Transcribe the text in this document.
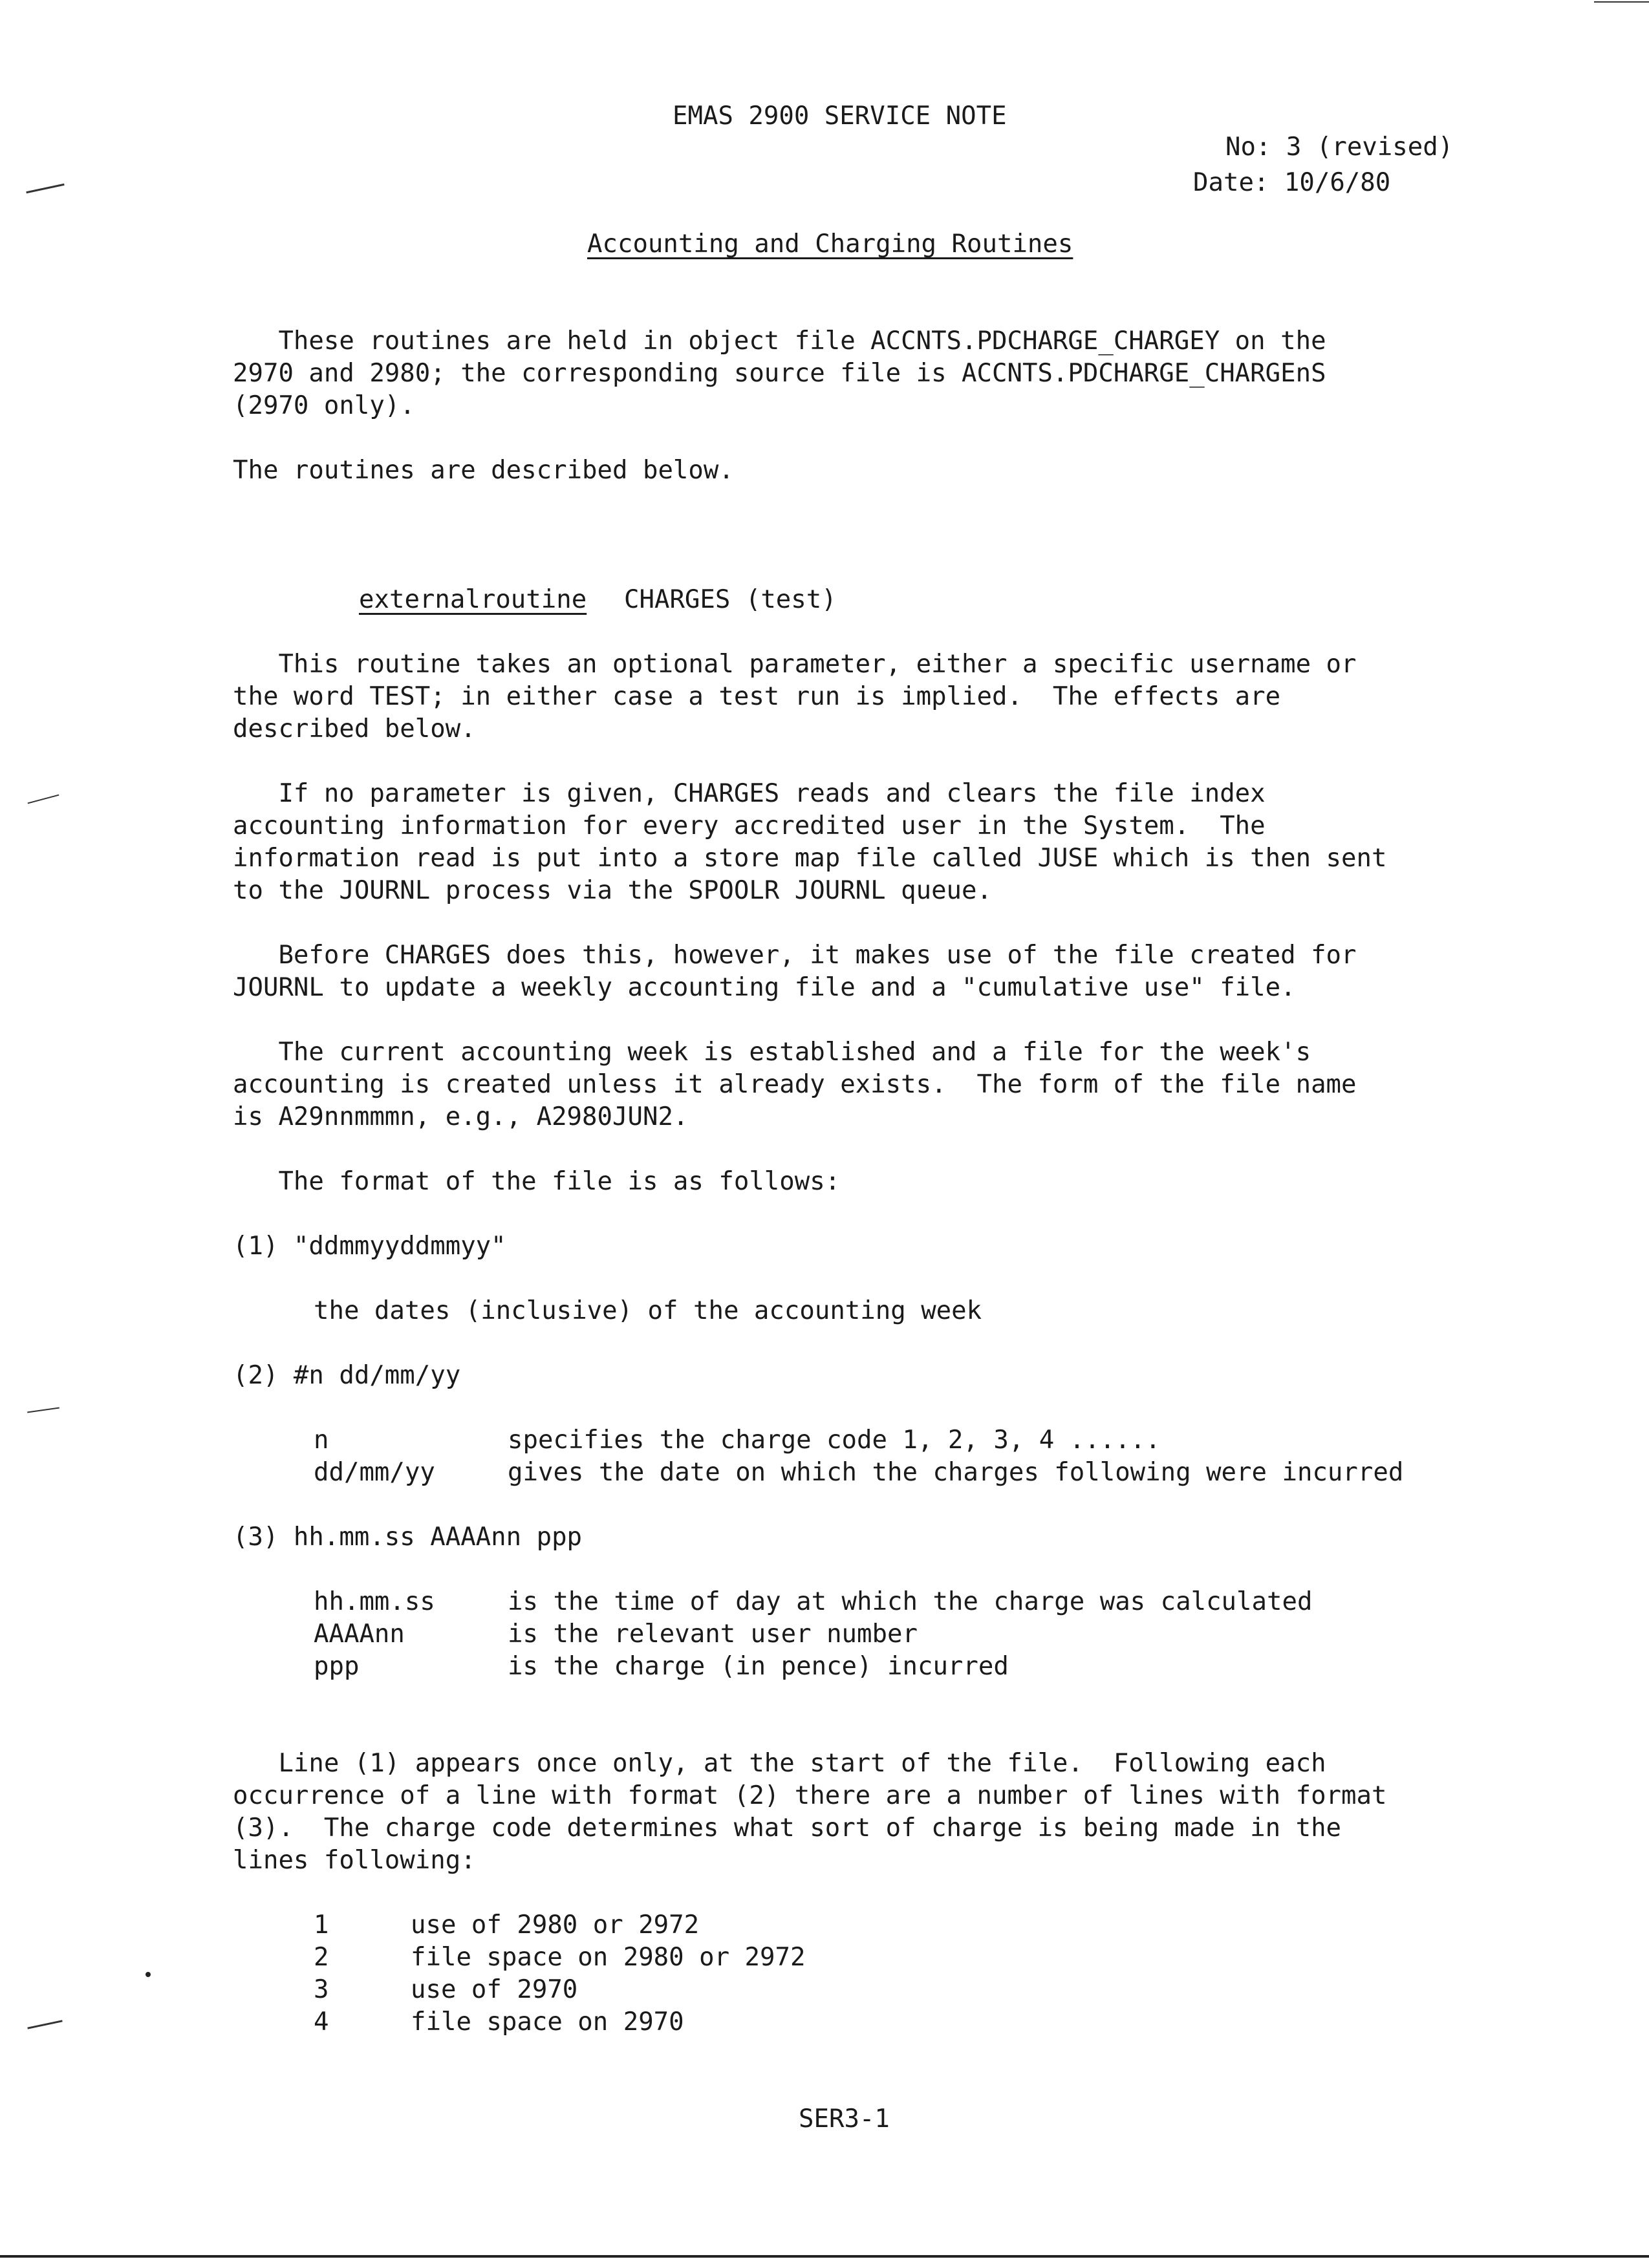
EMAS 2900 SERVICE NOTE
No: 3 (revised)
Date: 10/6/80
Accounting and Charging Routines
These routines are held in object file ACCNTS.PDCHARGE_CHARGEY on the
2970 and 2980; the corresponding source file is ACCNTS.PDCHARGE_CHARGEnS
(2970 only).
The routines are described below.
externalroutine CHARGES (test)
This routine takes an optional parameter, either a specific username or
the word TEST; in either case a test run is implied.  The effects are
described below.
If no parameter is given, CHARGES reads and clears the file index
accounting information for every accredited user in the System.  The
information read is put into a store map file called JUSE which is then sent
to the JOURNL process via the SPOOLR JOURNL queue.
Before CHARGES does this, however, it makes use of the file created for
JOURNL to update a weekly accounting file and a "cumulative use" file.
The current accounting week is established and a file for the week's
accounting is created unless it already exists.  The form of the file name
is A29nnmmmn, e.g., A2980JUN2.
The format of the file is as follows:
(1) "ddmmyyddmmyy"
the dates (inclusive) of the accounting week
(2) #n dd/mm/yy
n	specifies the charge code 1, 2, 3, 4 ......
dd/mm/yy	gives the date on which the charges following were incurred
(3) hh.mm.ss AAAAnn ppp
hh.mm.ss	is the time of day at which the charge was calculated
AAAAnn	is the relevant user number
ppp	is the charge (in pence) incurred
Line (1) appears once only, at the start of the file.  Following each
occurrence of a line with format (2) there are a number of lines with format
(3).  The charge code determines what sort of charge is being made in the
lines following:
1	use of 2980 or 2972
2	file space on 2980 or 2972
3	use of 2970
4	file space on 2970
SER3-1
